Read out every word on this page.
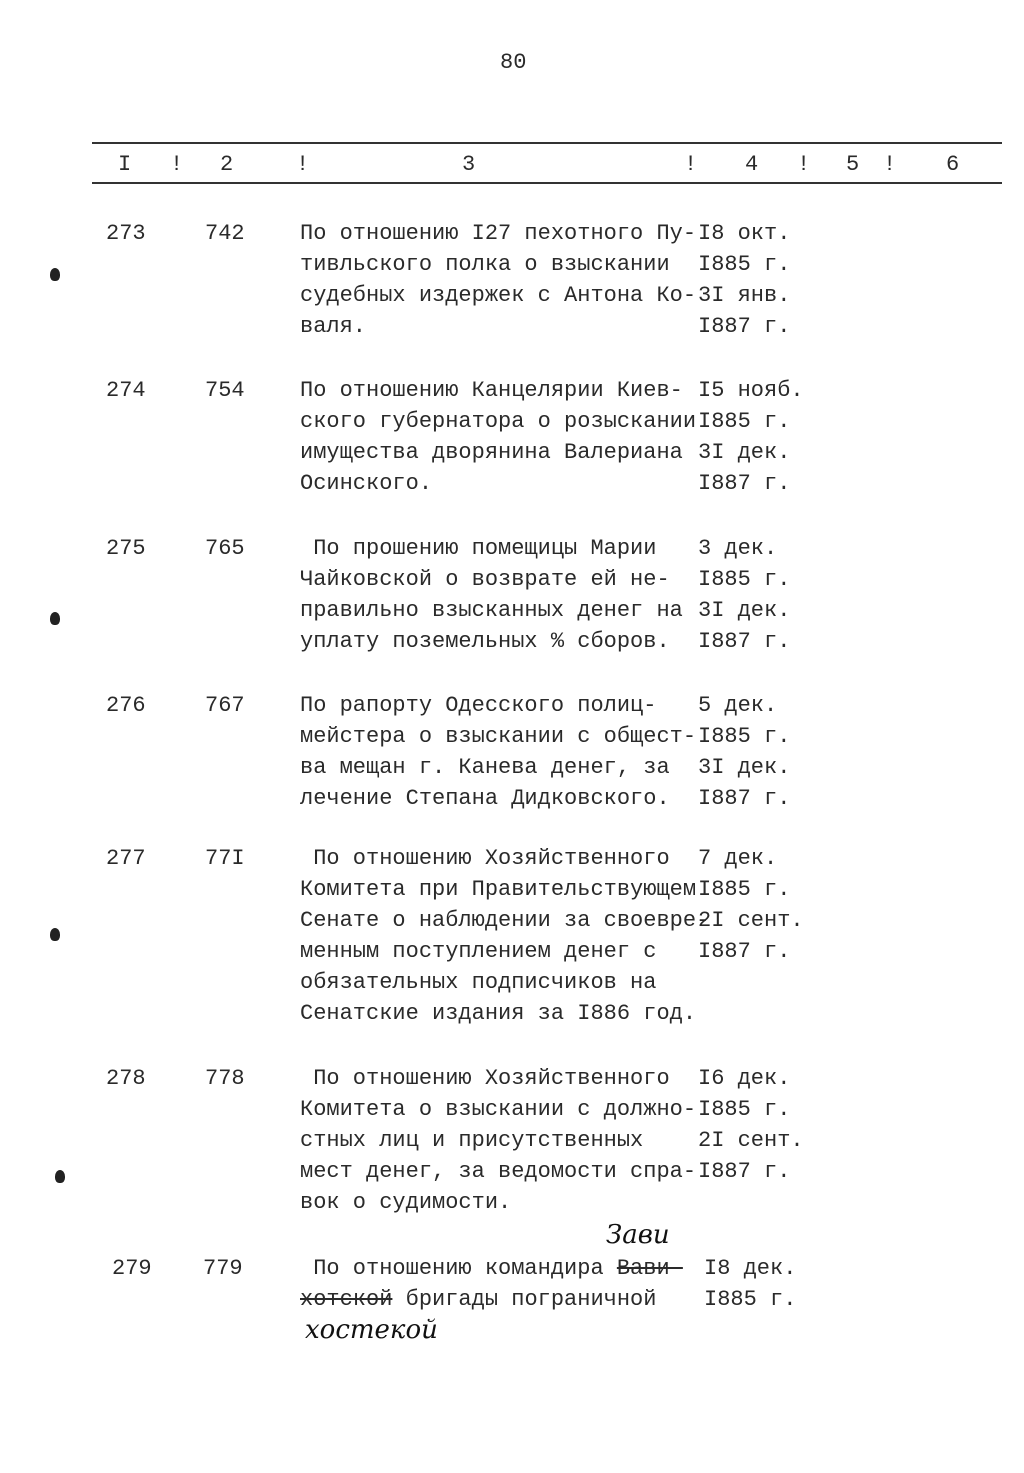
80
I ! 2	!	3	! 4 ! 5 ! 6
273	742	По отношению I27 пехотного Пу-
тивльского полка о взыскании
судебных издержек с Антона Ко-
валя.
I8 окт.
I885 г.
3I янв.
I887 г.
274	754	По отношению Канцелярии Киев-
ского губернатора о розыскании
имущества дворянина Валериана
Осинского.
I5 нояб.
I885 г.
3I дек.
I887 г.
275	765	По прошению помещицы Марии
Чайковской о возврате ей не-
правильно взысканных денег на
уплату поземельных % сборов.
3 дек.
I885 г.
3I дек.
I887 г.
276	767	По рапорту Одесского полиц-
мейстера о взыскании с общест-
ва мещан г. Канева денег, за
лечение Степана Дидковского.
5 дек.
I885 г.
3I дек.
I887 г.
277	77I	По отношению Хозяйственного
Комитета при Правительствующем
Сенате о наблюдении за своевре-
менным поступлением денег с
обязательных подписчиков на
Сенатские издания за I886 год.
7 дек.
I885 г.
2I сент.
I887 г.
278	778	По отношению Хозяйственного
Комитета о взыскании с должно-
стных лиц и присутственных
мест денег, за ведомости спра-
вок о судимости.
I6 дек.
I885 г.
2I сент.
I887 г.
279 779	По отношению командира Вави-
хотской бригады пограничной
I8 дек.
I885 г.
Зави
хостекой
